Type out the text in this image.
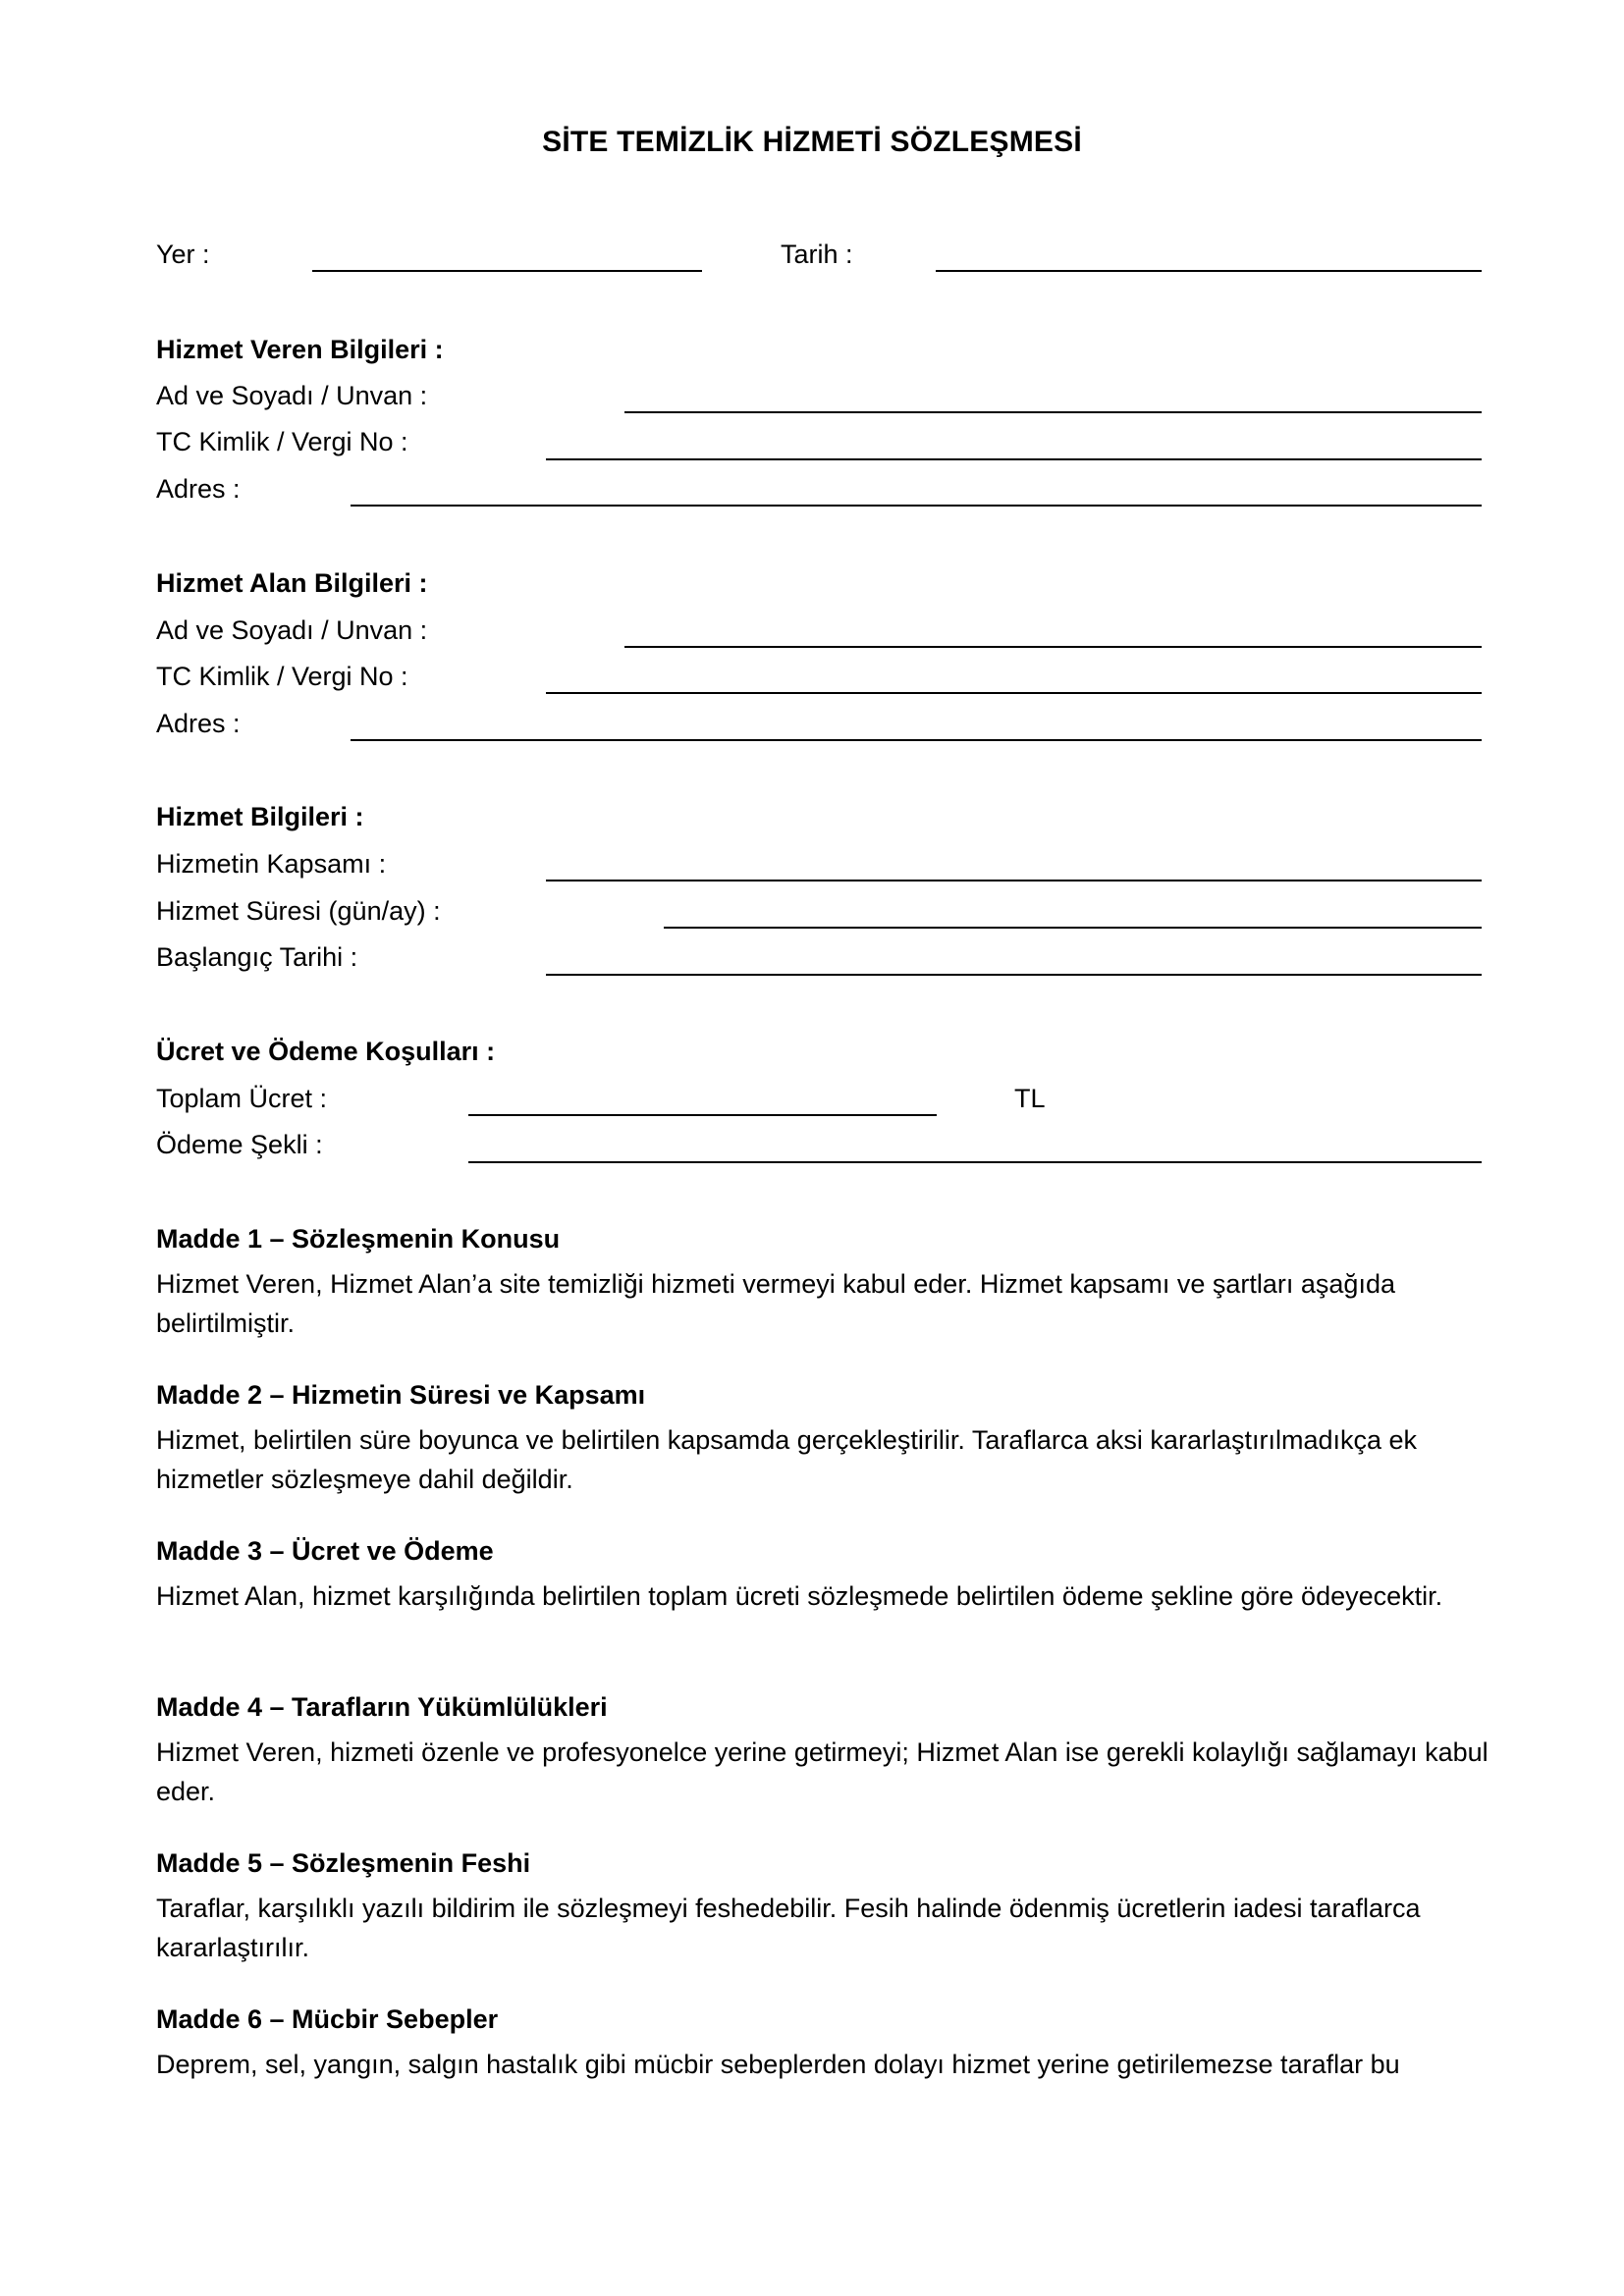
SİTE TEMİZLİK HİZMETİ SÖZLEŞMESİ
Yer :	Tarih :
Hizmet Veren Bilgileri :
Ad ve Soyadı / Unvan :
TC Kimlik / Vergi No :
Adres :
Hizmet Alan Bilgileri :
Ad ve Soyadı / Unvan :
TC Kimlik / Vergi No :
Adres :
Hizmet Bilgileri :
Hizmetin Kapsamı :
Hizmet Süresi (gün/ay) :
Başlangıç Tarihi :
Ücret ve Ödeme Koşulları :
Toplam Ücret :	TL
Ödeme Şekli :
Madde 1 – Sözleşmenin Konusu
Hizmet Veren, Hizmet Alan’a site temizliği hizmeti vermeyi kabul eder. Hizmet kapsamı ve şartları aşağıda belirtilmiştir.
Madde 2 – Hizmetin Süresi ve Kapsamı
Hizmet, belirtilen süre boyunca ve belirtilen kapsamda gerçekleştirilir. Taraflarca aksi kararlaştırılmadıkça ek hizmetler sözleşmeye dahil değildir.
Madde 3 – Ücret ve Ödeme
Hizmet Alan, hizmet karşılığında belirtilen toplam ücreti sözleşmede belirtilen ödeme şekline göre ödeyecektir.
Madde 4 – Tarafların Yükümlülükleri
Hizmet Veren, hizmeti özenle ve profesyonelce yerine getirmeyi; Hizmet Alan ise gerekli kolaylığı sağlamayı kabul eder.
Madde 5 – Sözleşmenin Feshi
Taraflar, karşılıklı yazılı bildirim ile sözleşmeyi feshedebilir. Fesih halinde ödenmiş ücretlerin iadesi taraflarca kararlaştırılır.
Madde 6 – Mücbir Sebepler
Deprem, sel, yangın, salgın hastalık gibi mücbir sebeplerden dolayı hizmet yerine getirilemezse taraflar bu
